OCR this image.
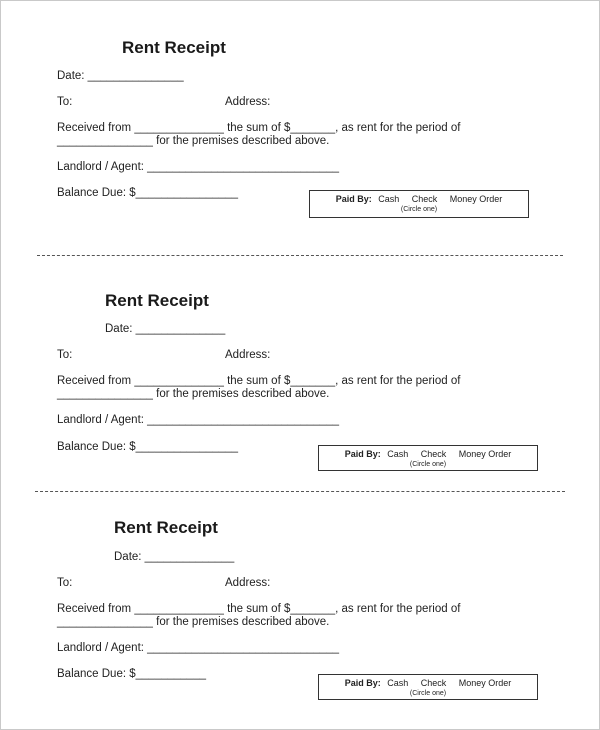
Rent Receipt
Date: _______________
To:	Address:
Received from ______________ the sum of $_______, as rent for the period of
_______________ for the premises described above.
Landlord / Agent: ______________________________
Balance Due: $________________	Paid By: Cash Check Money Order
(Circle one)
Rent Receipt
Date: ______________
To:	Address:
Received from ______________ the sum of $_______, as rent for the period of
_______________ for the premises described above.
Landlord / Agent: ______________________________
Balance Due: $________________
Paid By: Cash Check Money Order
(Circle one)
Rent Receipt
Date: ______________
To:	Address:
Received from ______________ the sum of $_______, as rent for the period of
_______________ for the premises described above.
Landlord / Agent: ______________________________
Balance Due: $___________
Paid By: Cash Check Money Order
(Circle one)
